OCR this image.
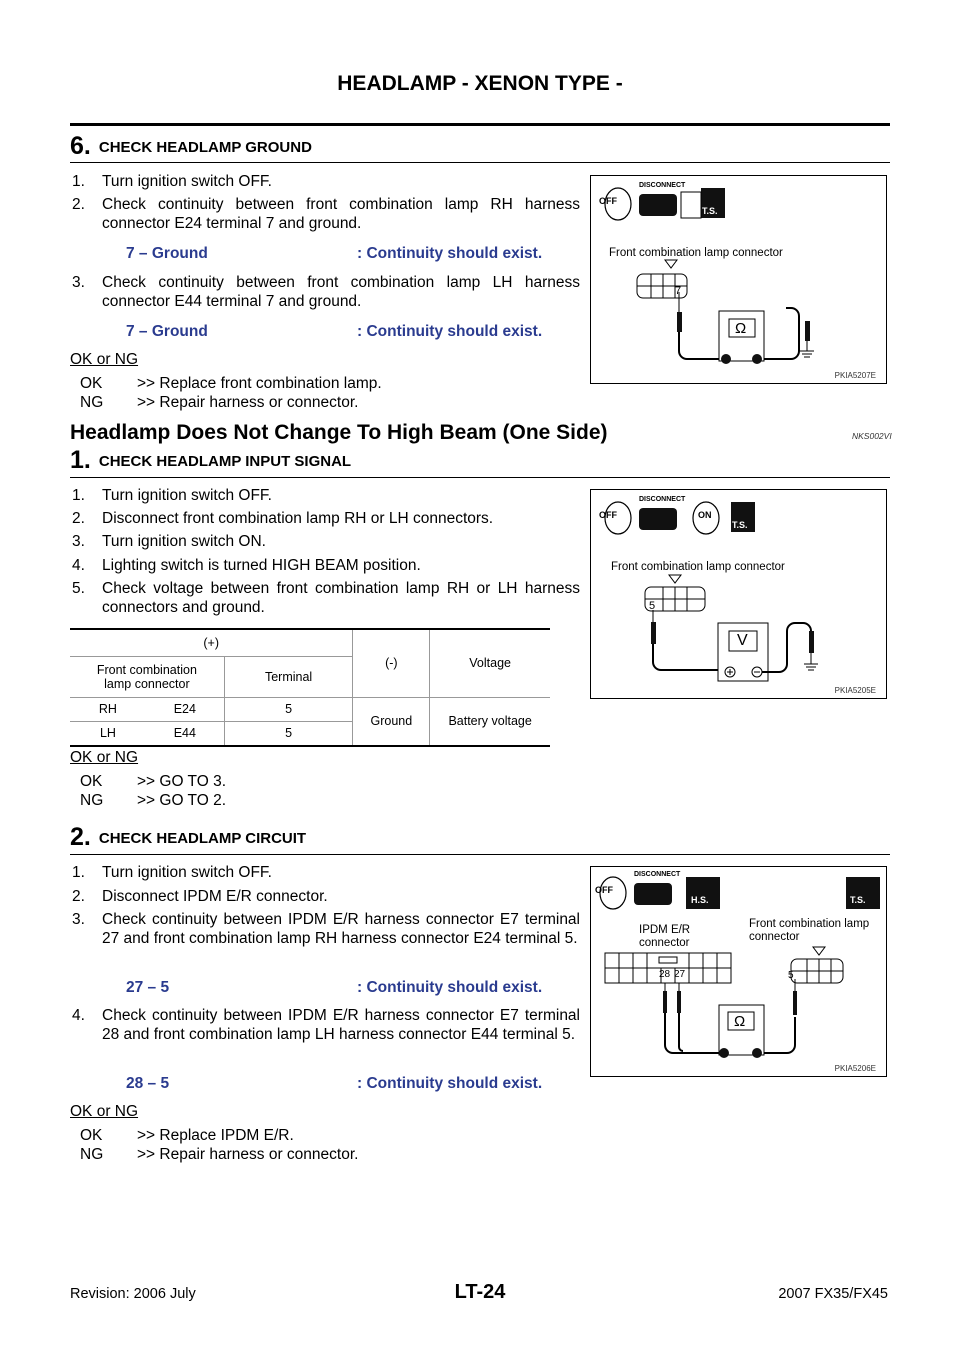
HEADLAMP - XENON TYPE -
6. CHECK HEADLAMP GROUND
1. Turn ignition switch OFF.
2. Check continuity between front combination lamp RH harness connector E24 terminal 7 and ground.
7 – Ground	: Continuity should exist.
3. Check continuity between front combination lamp LH harness connector E44 terminal 7 and ground.
7 – Ground	: Continuity should exist.
OK or NG
OK >> Replace front combination lamp.
NG >> Repair harness or connector.
OFF
DISCONNECT
T.S.
Front combination lamp connector
7
Ω
PKIA5207E
Headlamp Does Not Change To High Beam (One Side)	NKS002VI
1. CHECK HEADLAMP INPUT SIGNAL
1. Turn ignition switch OFF.
2. Disconnect front combination lamp RH or LH connectors.
3. Turn ignition switch ON.
4. Lighting switch is turned HIGH BEAM position.
5. Check voltage between front combination lamp RH or LH harness connectors and ground.
(+)			(-)	Voltage
Front combination lamp connector		Terminal		
RH	E24	5	Ground	Battery voltage
LH	E44	5		
OK or NG
OK >> GO TO 3.
NG >> GO TO 2.
OFF
DISCONNECT
ON
T.S.
Front combination lamp connector
5
V
PKIA5205E
2. CHECK HEADLAMP CIRCUIT
1. Turn ignition switch OFF.
2. Disconnect IPDM E/R connector.
3. Check continuity between IPDM E/R harness connector E7 terminal 27 and front combination lamp RH harness connector E24 terminal 5.
27 – 5	: Continuity should exist.
4. Check continuity between IPDM E/R harness connector E7 terminal 28 and front combination lamp LH harness connector E44 terminal 5.
28 – 5	: Continuity should exist.
OK or NG
OK >> Replace IPDM E/R.
NG >> Repair harness or connector.
OFF
DISCONNECT
H.S.	T.S.
IPDM E/R
connector
Front combination lamp
connector
28 27	5
Ω
PKIA5206E
LT-24
Revision: 2006 July	2007 FX35/FX45
